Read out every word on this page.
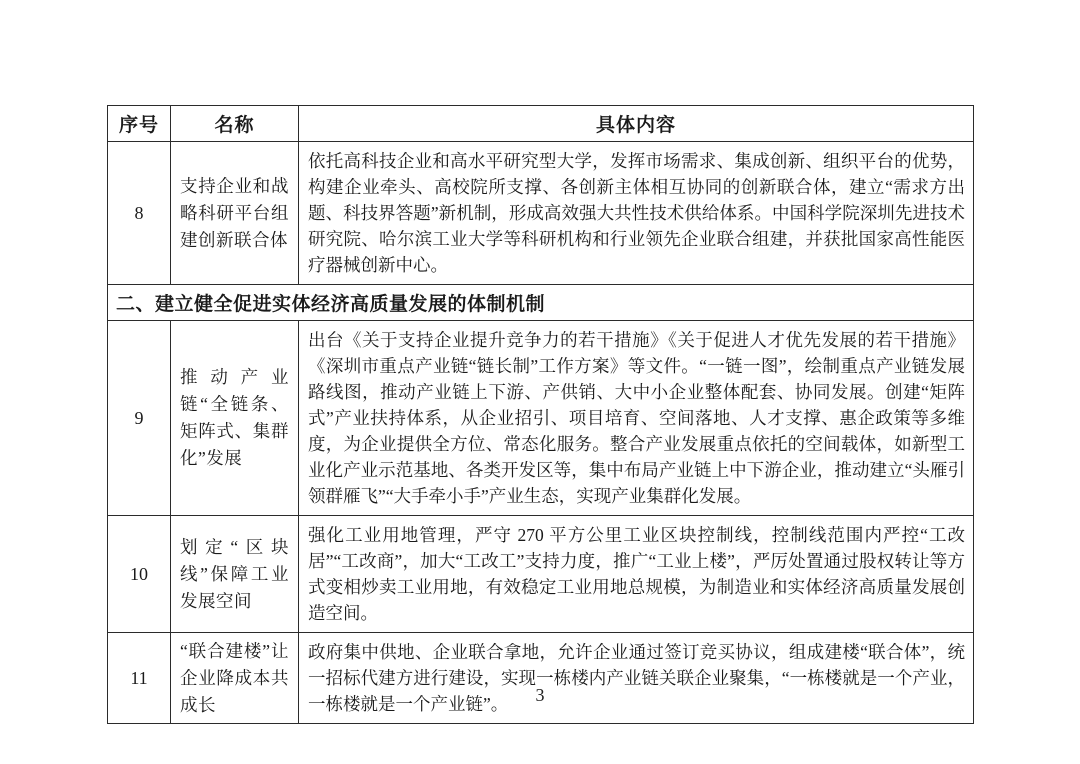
序号	名称	具体内容
8	支持企业和战略科研平台组建创新联合体	依托高科技企业和高水平研究型大学，发挥市场需求、集成创新、组织平台的优势，构建企业牵头、高校院所支撑、各创新主体相互协同的创新联合体，建立“需求方出题、科技界答题”新机制，形成高效强大共性技术供给体系。中国科学院深圳先进技术研究院、哈尔滨工业大学等科研机构和行业领先企业联合组建，并获批国家高性能医疗器械创新中心。
二、建立健全促进实体经济高质量发展的体制机制		
9	推动产业链“全链条、矩阵式、集群化”发展	出台《关于支持企业提升竞争力的若干措施》《关于促进人才优先发展的若干措施》《深圳市重点产业链“链长制”工作方案》等文件。“一链一图”，绘制重点产业链发展路线图，推动产业链上下游、产供销、大中小企业整体配套、协同发展。创建“矩阵式”产业扶持体系，从企业招引、项目培育、空间落地、人才支撑、惠企政策等多维度，为企业提供全方位、常态化服务。整合产业发展重点依托的空间载体，如新型工业化产业示范基地、各类开发区等，集中布局产业链上中下游企业，推动建立“头雁引领群雁飞”“大手牵小手”产业生态，实现产业集群化发展。
10	划定“区块线”保障工业发展空间	强化工业用地管理，严守 270 平方公里工业区块控制线，控制线范围内严控“工改居”“工改商”，加大“工改工”支持力度，推广“工业上楼”，严厉处置通过股权转让等方式变相炒卖工业用地，有效稳定工业用地总规模，为制造业和实体经济高质量发展创造空间。
11	“联合建楼”让企业降成本共成长	政府集中供地、企业联合拿地，允许企业通过签订竞买协议，组成建楼“联合体”，统一招标代建方进行建设，实现一栋楼内产业链关联企业聚集，“一栋楼就是一个产业，一栋楼就是一个产业链”。	3
